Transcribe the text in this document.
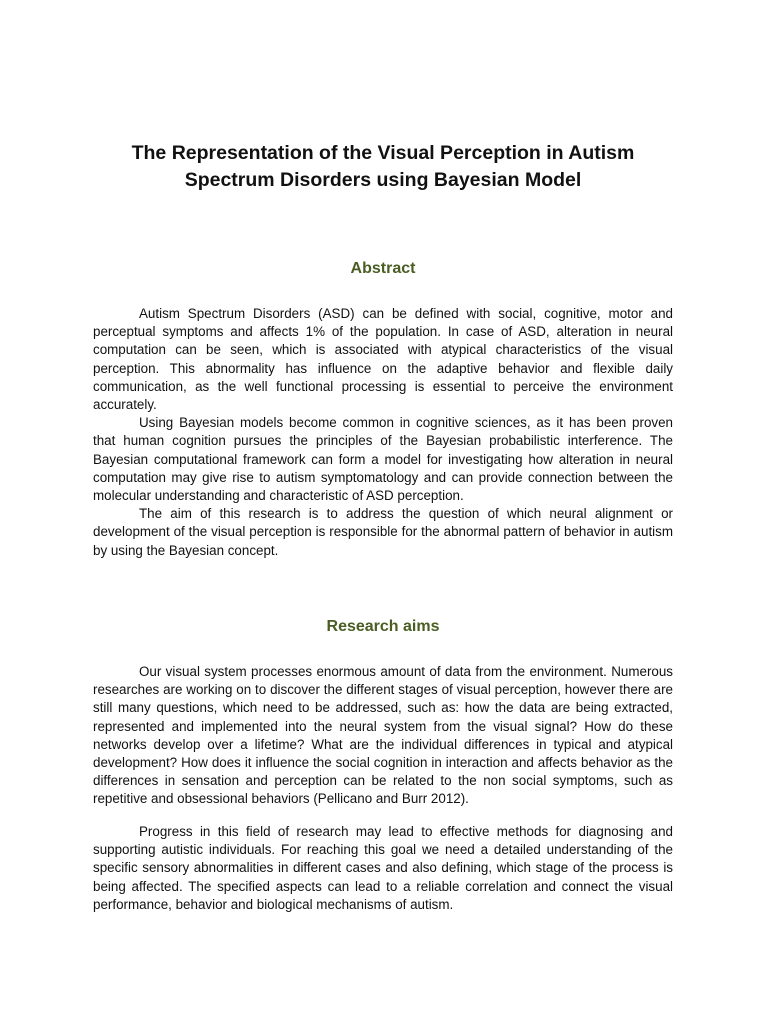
The Representation of the Visual Perception in Autism
Spectrum Disorders using Bayesian Model
Abstract

Autism Spectrum Disorders (ASD) can be defined with social, cognitive, motor and perceptual symptoms and affects 1% of the population. In case of ASD, alteration in neural computation can be seen, which is associated with atypical characteristics of the visual perception. This abnormality has influence on the adaptive behavior and flexible daily communication, as the well functional processing is essential to perceive the environment accurately.

Using Bayesian models become common in cognitive sciences, as it has been proven that human cognition pursues the principles of the Bayesian probabilistic interference. The Bayesian computational framework can form a model for investigating how alteration in neural computation may give rise to autism symptomatology and can provide connection between the molecular understanding and characteristic of ASD perception.

The aim of this research is to address the question of which neural alignment or development of the visual perception is responsible for the abnormal pattern of behavior in autism by using the Bayesian concept.

Research aims

Our visual system processes enormous amount of data from the environment. Numerous researches are working on to discover the different stages of visual perception, however there are still many questions, which need to be addressed, such as: how the data are being extracted, represented and implemented into the neural system from the visual signal? How do these networks develop over a lifetime? What are the individual differences in typical and atypical development? How does it influence the social cognition in interaction and affects behavior as the differences in sensation and perception can be related to the non social symptoms, such as repetitive and obsessional behaviors (Pellicano and Burr 2012).

Progress in this field of research may lead to effective methods for diagnosing and supporting autistic individuals. For reaching this goal we need a detailed understanding of the specific sensory abnormalities in different cases and also defining, which stage of the process is being affected. The specified aspects can lead to a reliable correlation and connect the visual performance, behavior and biological mechanisms of autism.
